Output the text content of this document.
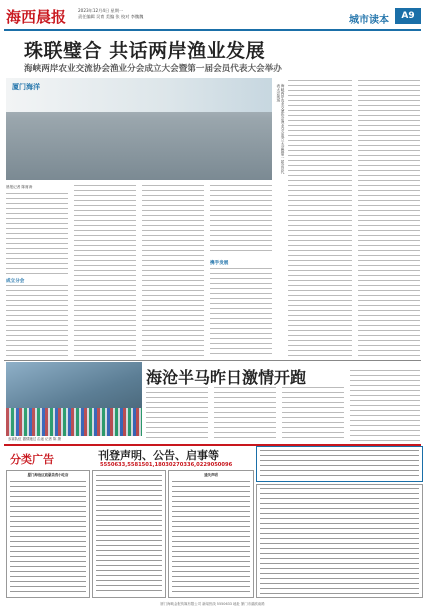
海西晨报	2023年12月4日 星期一
责任编辑 吴育 美编 张 校对 李魏魏	城市读本	A9
珠联璧合 共话两岸渔业发展
海峡两岸农业交流协会渔业分会成立大会暨第一届会员代表大会举办
厦门海洋	海峡两岸农业交流协会渔业分会成立大会暨第一届会员代表大会现场
晨报记者 陈财涛
成立分会
携手发展
参赛队伍 激情跑过 沿途 记者 陈 摄
海沧半马昨日激情开跑
分类广告	刊登声明、公告、启事等
5550633,5581501,18030270336,0229050096
厦门海沧区宸豪美食小吃店	遗失声明
厦门海峡金报传媒有限公司 新闻热线 5550633 地址 厦门市湖滨南路
